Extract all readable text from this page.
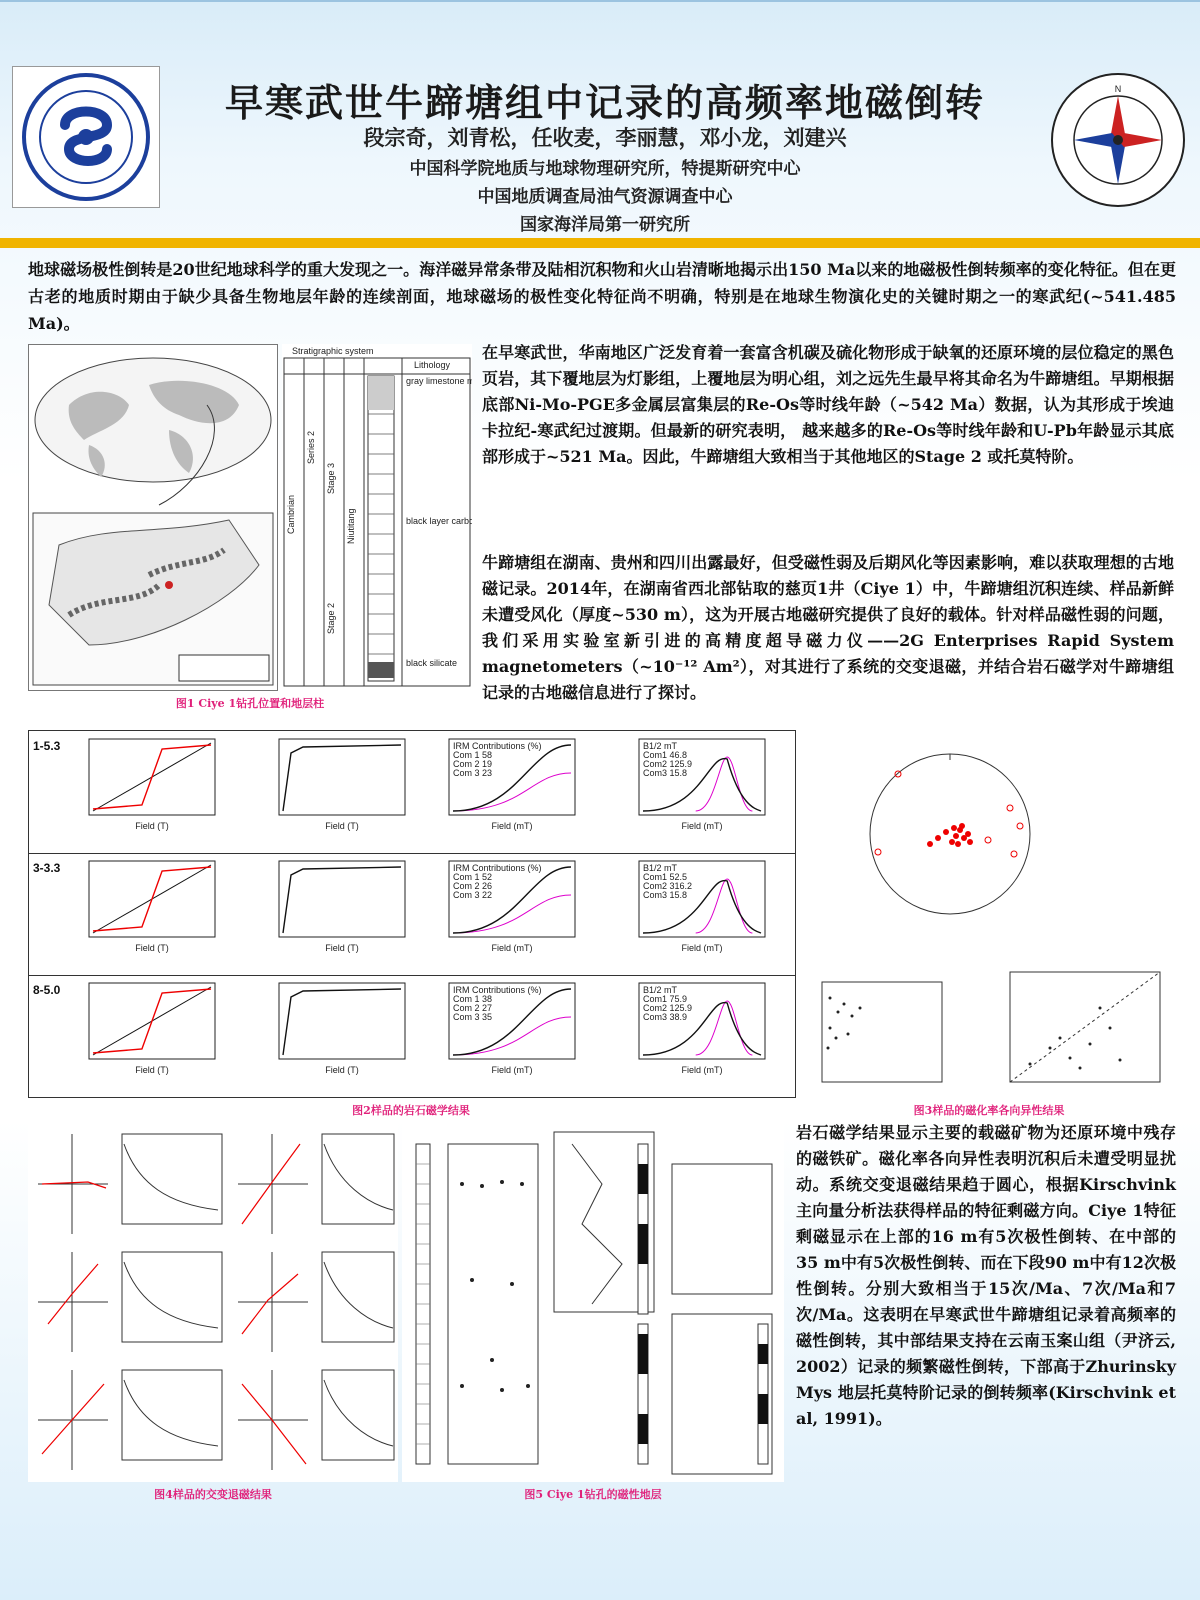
N
早寒武世牛蹄塘组中记录的高频率地磁倒转
段宗奇，刘青松，任收麦，李丽慧，邓小龙，刘建兴
中国科学院地质与地球物理研究所，特提斯研究中心
中国地质调查局油气资源调查中心
国家海洋局第一研究所
地球磁场极性倒转是20世纪地球科学的重大发现之一。海洋磁异常条带及陆相沉积物和火山岩清晰地揭示出150 Ma以来的地磁极性倒转频率的变化特征。但在更古老的地质时期由于缺少具备生物地层年龄的连续剖面，地球磁场的极性变化特征尚不明确，特别是在地球生物演化史的关键时期之一的寒武纪(~541.485 Ma)。
Stratigraphic system
Lithology
gray limestone m
black layer carbo
black silicate
Cambrian
Series 2
Stage 3
Stage 2
Niutitang
图1 Ciye 1钻孔位置和地层柱
在早寒武世，华南地区广泛发育着一套富含机碳及硫化物形成于缺氧的还原环境的层位稳定的黑色页岩，其下覆地层为灯影组，上覆地层为明心组，刘之远先生最早将其命名为牛蹄塘组。早期根据底部Ni-Mo-PGE多金属层富集层的Re-Os等时线年龄（~542 Ma）数据，认为其形成于埃迪卡拉纪-寒武纪过渡期。但最新的研究表明， 越来越多的Re-Os等时线年龄和U-Pb年龄显示其底部形成于~521 Ma。因此，牛蹄塘组大致相当于其他地区的Stage 2 或托莫特阶。
牛蹄塘组在湖南、贵州和四川出露最好，但受磁性弱及后期风化等因素影响，难以获取理想的古地磁记录。2014年，在湖南省西北部钻取的慈页1井（Ciye 1）中，牛蹄塘组沉积连续、样品新鲜未遭受风化（厚度~530 m），这为开展古地磁研究提供了良好的载体。针对样品磁性弱的问题，我们采用实验室新引进的高精度超导磁力仪——2G Enterprises Rapid System magnetometers（~10⁻¹² Am²），对其进行了系统的交变退磁，并结合岩石磁学对牛蹄塘组记录的古地磁信息进行了探讨。
1-5.3
Field (T)	Field (T)
IRM Contributions (%)
Com 1 58
Com 2 19
Com 3 23
Field (mT)
B1/2 mT
Com1 46.8
Com2 125.9
Com3 15.8
Field (mT)
3-3.3
Field (T)	Field (T)
IRM Contributions (%)
Com 1 52
Com 2 26
Com 3 22
Field (mT)
B1/2 mT
Com1 52.5
Com2 316.2
Com3 15.8
Field (mT)
8-5.0
Field (T)	Field (T)
IRM Contributions (%)
Com 1 38
Com 2 27
Com 3 35
Field (mT)
B1/2 mT
Com1 75.9
Com2 125.9
Com3 38.9
Field (mT)
图2样品的岩石磁学结果	图3样品的磁化率各向异性结果
图4样品的交变退磁结果	图5 Ciye 1钻孔的磁性地层
岩石磁学结果显示主要的载磁矿物为还原环境中残存的磁铁矿。磁化率各向异性表明沉积后未遭受明显扰动。系统交变退磁结果趋于圆心，根据Kirschvink主向量分析法获得样品的特征剩磁方向。Ciye 1特征剩磁显示在上部的16 m有5次极性倒转、在中部的35 m中有5次极性倒转、而在下段90 m中有12次极性倒转。分别大致相当于15次/Ma、7次/Ma和7次/Ma。这表明在早寒武世牛蹄塘组记录着高频率的磁性倒转，其中部结果支持在云南玉案山组（尹济云, 2002）记录的频繁磁性倒转，下部高于Zhurinsky Mys 地层托莫特阶记录的倒转频率(Kirschvink et al, 1991)。
